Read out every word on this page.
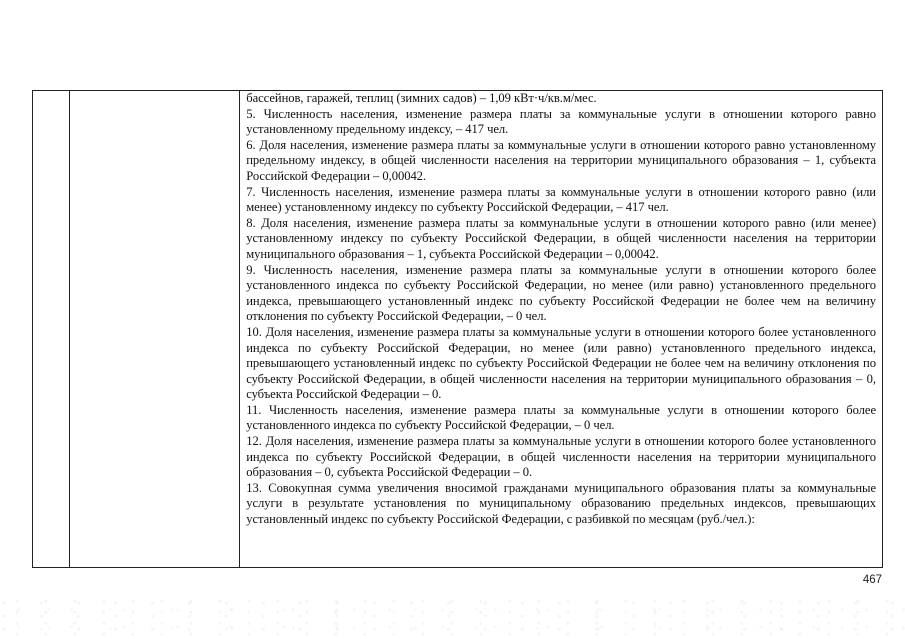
бассейнов, гаражей, теплиц (зимних садов) – 1,09 кВт·ч/кв.м/мес.

5. Численность населения, изменение размера платы за коммунальные услуги в отношении которого равно установленному предельному индексу, – 417 чел.

6. Доля населения, изменение размера платы за коммунальные услуги в отношении которого равно установленному предельному индексу, в общей численности населения на территории муниципального образования – 1, субъекта Российской Федерации – 0,00042.

7. Численность населения, изменение размера платы за коммунальные услуги в отношении которого равно (или менее) установленному индексу по субъекту Российской Федерации, – 417 чел.

8. Доля населения, изменение размера платы за коммунальные услуги в отношении которого равно (или менее) установленному индексу по субъекту Российской Федерации, в общей численности населения на территории муниципального образования – 1, субъекта Российской Федерации – 0,00042.

9. Численность населения, изменение размера платы за коммунальные услуги в отношении которого более установленного индекса по субъекту Российской Федерации, но менее (или равно) установленного предельного индекса, превышающего установленный индекс по субъекту Российской Федерации не более чем на величину отклонения по субъекту Российской Федерации, – 0 чел.

10. Доля населения, изменение размера платы за коммунальные услуги в отношении которого более установленного индекса по субъекту Российской Федерации, но менее (или равно) установленного предельного индекса, превышающего установленный индекс по субъекту Российской Федерации не более чем на величину отклонения по субъекту Российской Федерации, в общей численности населения на территории муниципального образования – 0, субъекта Российской Федерации – 0.

11. Численность населения, изменение размера платы за коммунальные услуги в отношении которого более установленного индекса по субъекту Российской Федерации, – 0 чел.

12. Доля населения, изменение размера платы за коммунальные услуги в отношении которого более установленного индекса по субъекту Российской Федерации, в общей численности населения на территории муниципального образования – 0, субъекта Российской Федерации – 0.

13. Совокупная сумма увеличения вносимой гражданами муниципального образования платы за коммунальные услуги в результате установления по муниципальному образованию предельных индексов, превышающих установленный индекс по субъекту Российской Федерации, с разбивкой по месяцам (руб./чел.):

467
